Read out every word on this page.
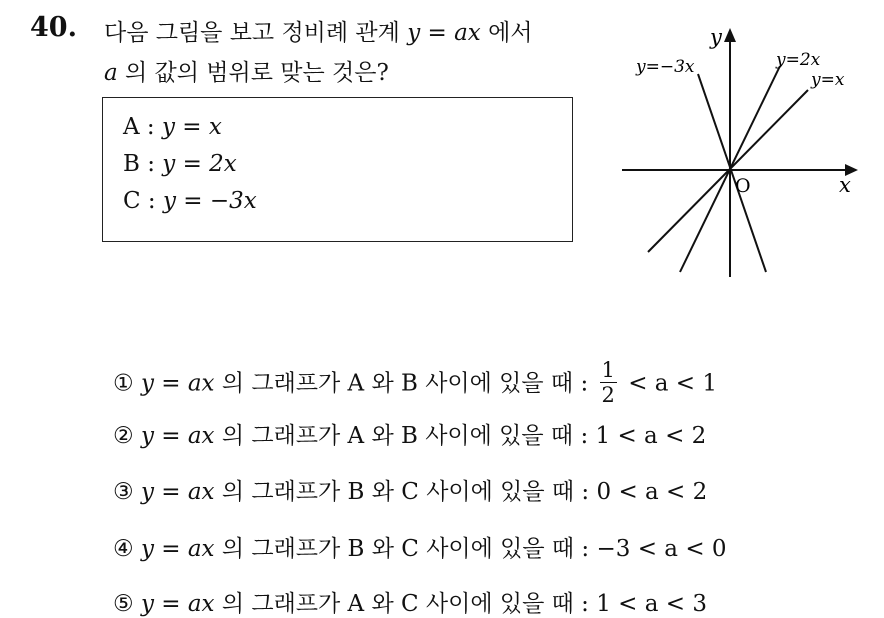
40. 다음 그림을 보고 정비례 관계 y = ax 에서
a 의 값의 범위로 맞는 것은?
A : y = x
B : y = 2x
C : y = −3x
y
x
O
y=−3x	y=2x
y=x
① y = ax 의 그래프가 A 와 B 사이에 있을 때 : $\frac{1}{2} < a < 1$
② y = ax 의 그래프가 A 와 B 사이에 있을 때 : 1 < a < 2
③ y = ax 의 그래프가 B 와 C 사이에 있을 때 : 0 < a < 2
④ y = ax 의 그래프가 B 와 C 사이에 있을 때 : −3 < a < 0
⑤ y = ax 의 그래프가 A 와 C 사이에 있을 때 : 1 < a < 3
